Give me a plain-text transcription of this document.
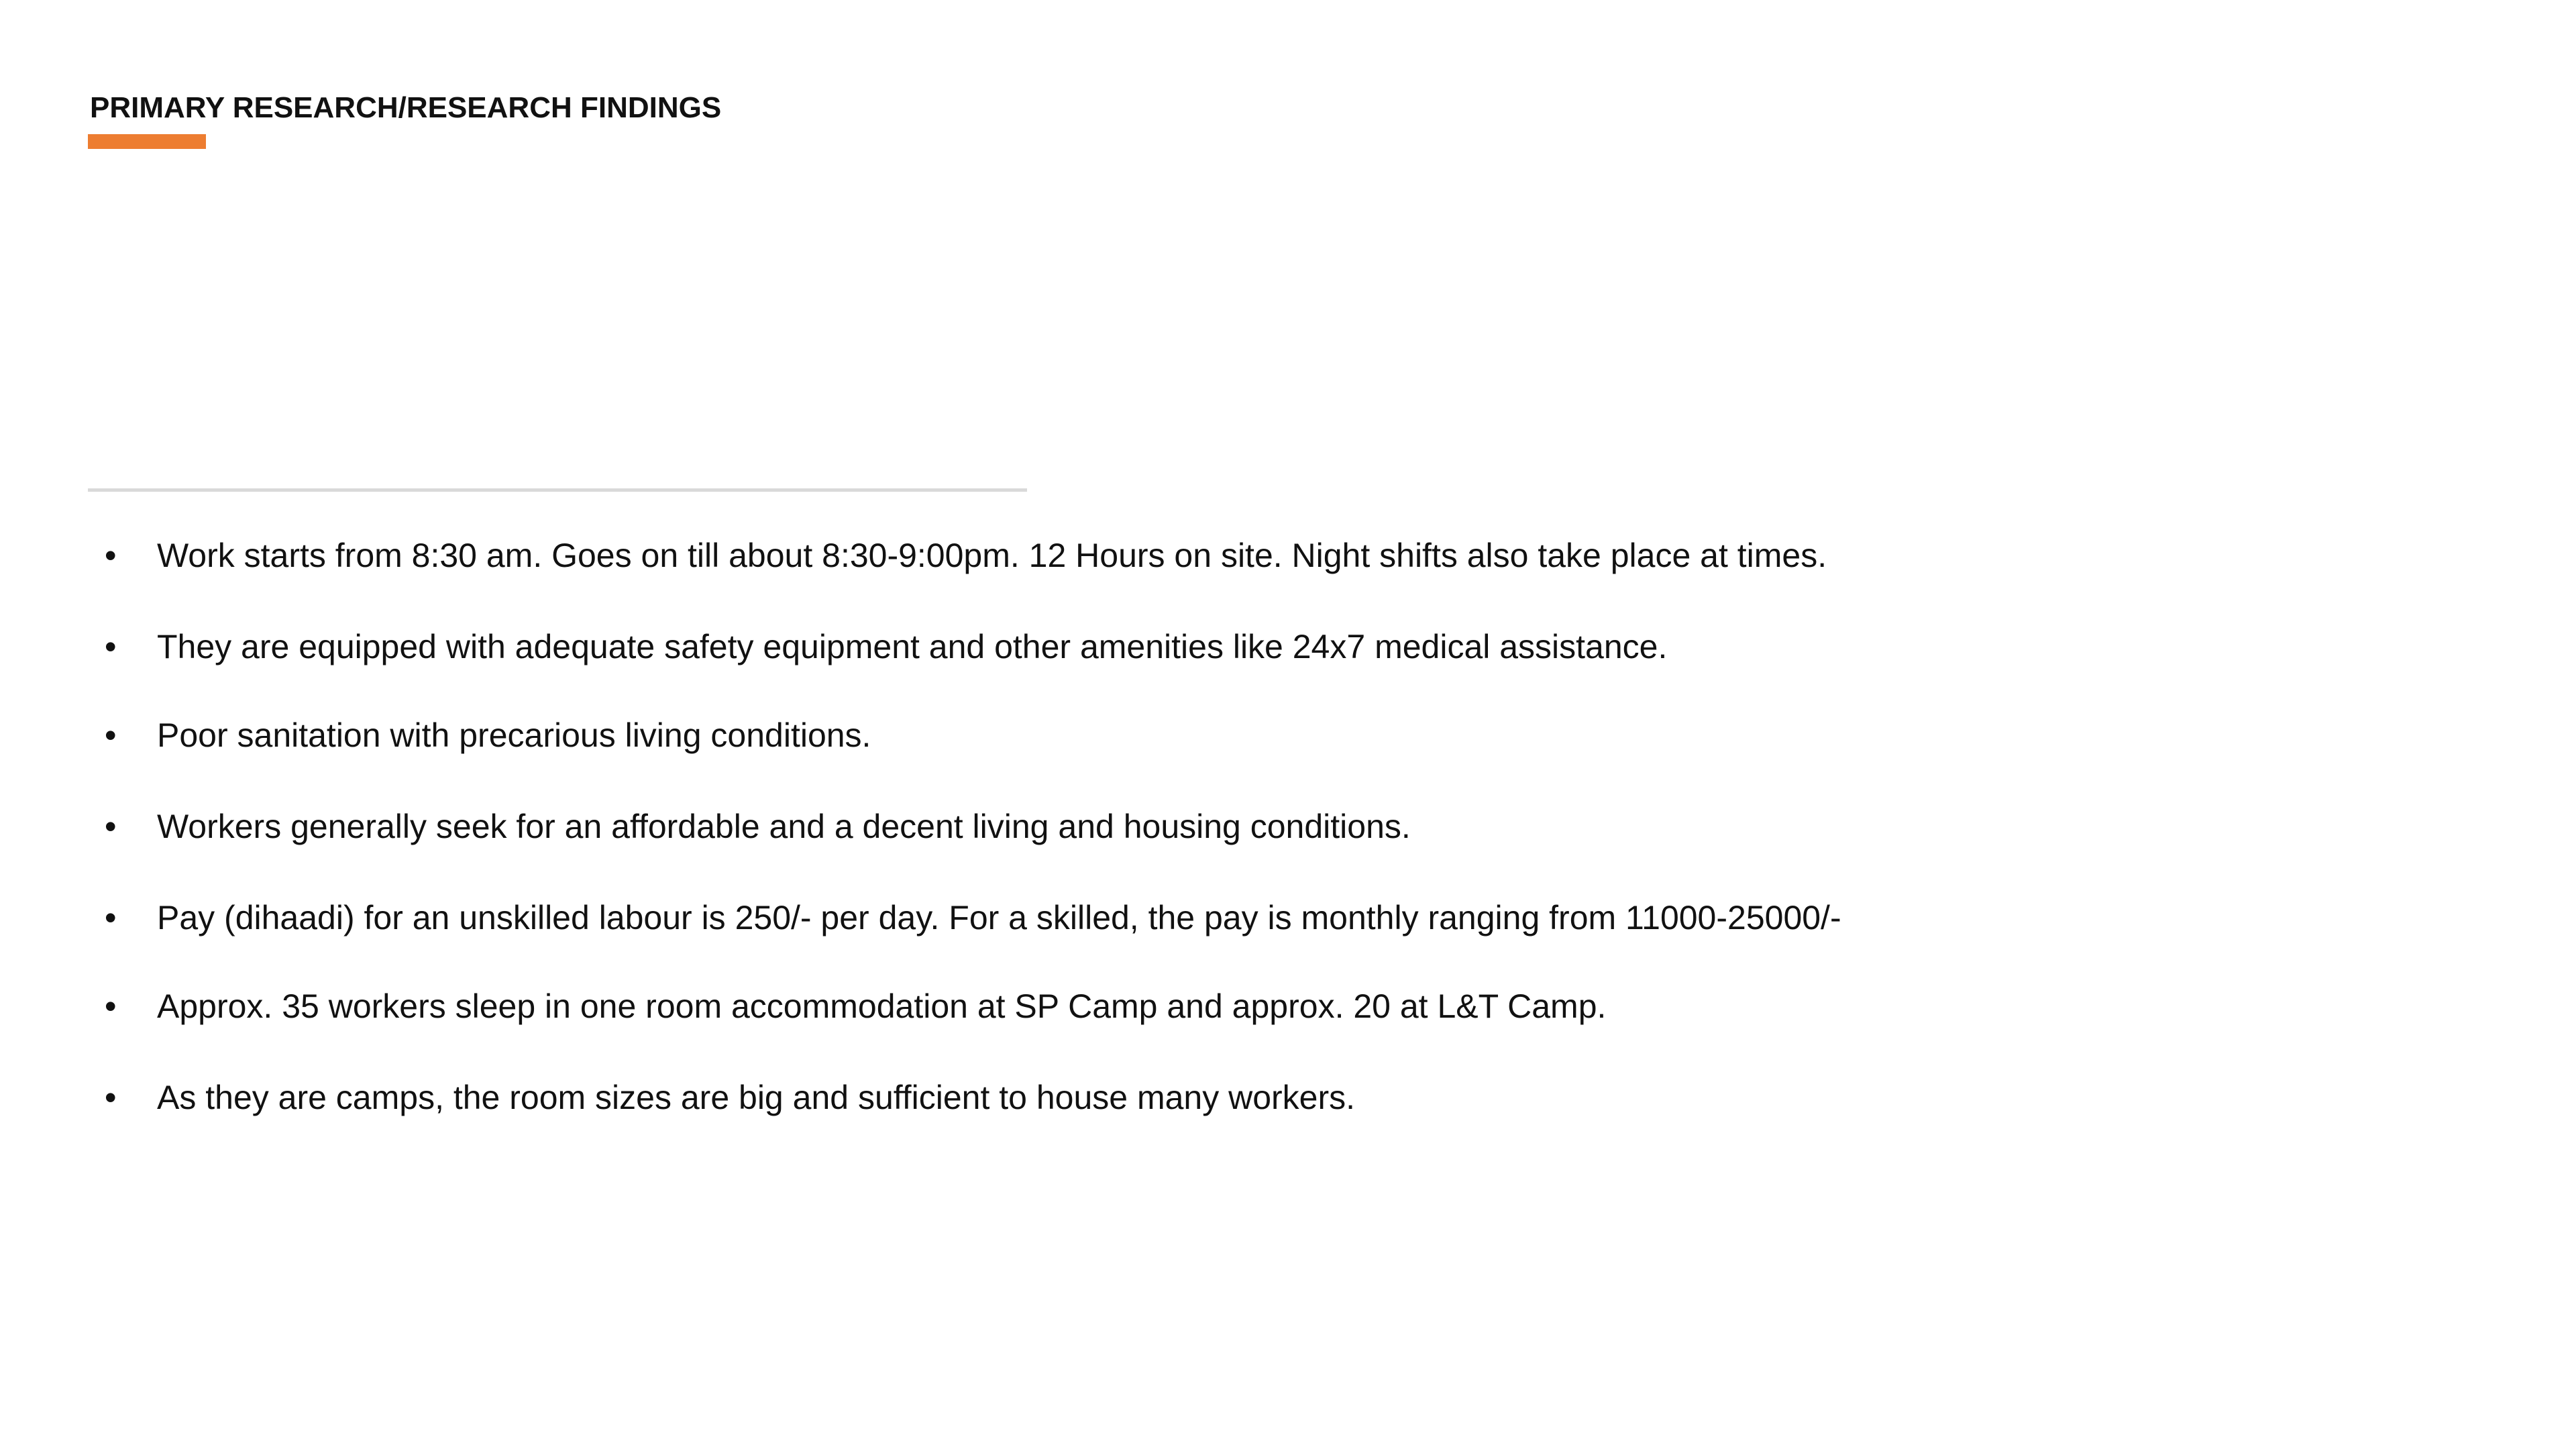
PRIMARY RESEARCH/RESEARCH FINDINGS
•	Work starts from 8:30 am. Goes on till about 8:30-9:00pm. 12 Hours on site. Night shifts also take place at times.
•	They are equipped with adequate safety equipment and other amenities like 24x7 medical assistance.
•	Poor sanitation with precarious living conditions.
•	Workers generally seek for an affordable and a decent living and housing conditions.
•	Pay (dihaadi) for an unskilled labour is 250/- per day. For a skilled, the pay is monthly ranging from 11000-25000/-
•	Approx. 35 workers sleep in one room accommodation at SP Camp and approx. 20 at L&T Camp.
•	As they are camps, the room sizes are big and sufficient to house many workers.
